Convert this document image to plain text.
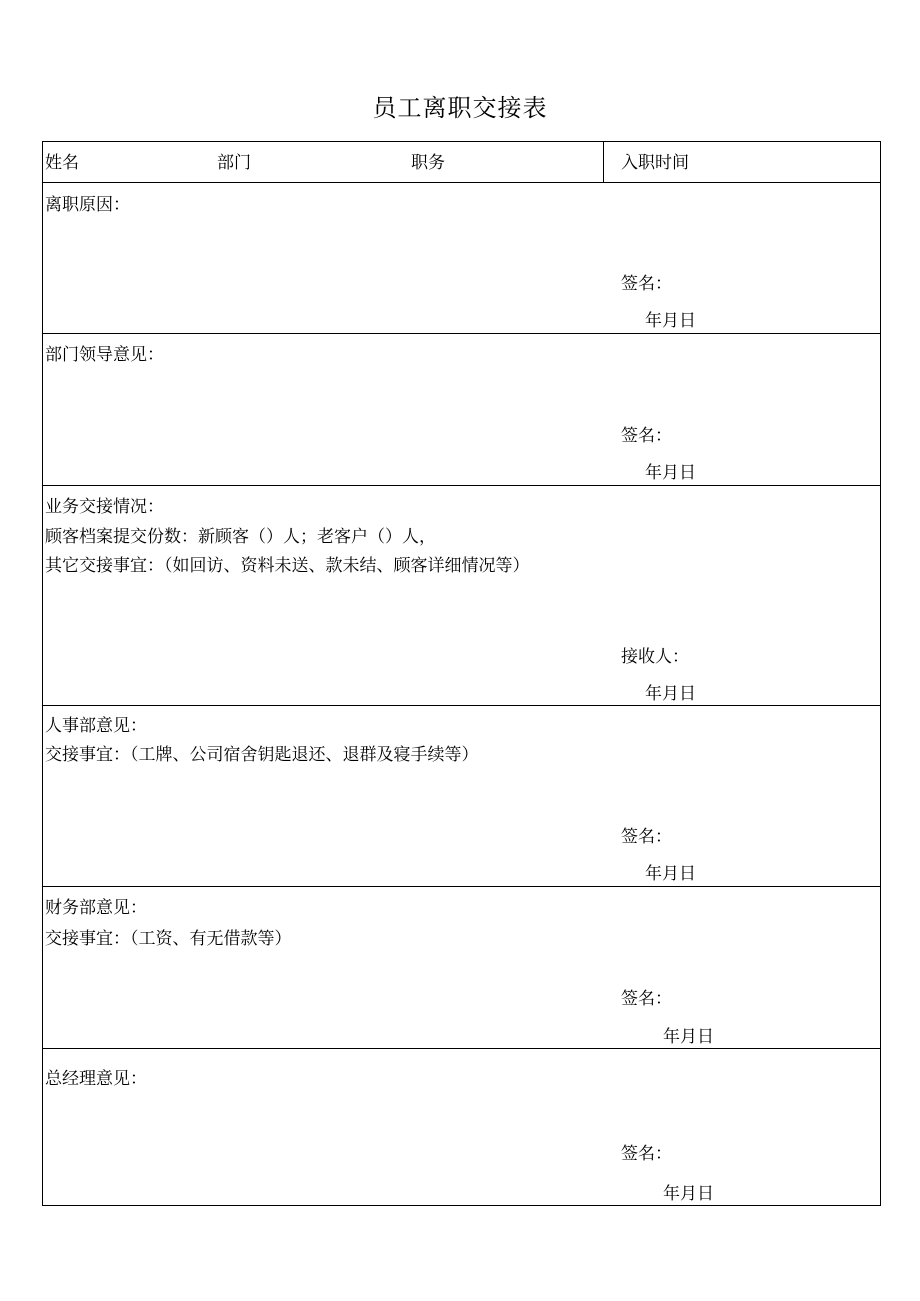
员工离职交接表
姓名	部门	职务	入职时间
离职原因：
签名：
年月日
部门领导意见：
签名：
年月日
业务交接情况：
顾客档案提交份数：新顾客（）人；老客户（）人，
其它交接事宜：（如回访、资料未送、款未结、顾客详细情况等）
接收人：
年月日
人事部意见：
交接事宜：（工牌、公司宿舍钥匙退还、退群及寝手续等）
签名：
年月日
财务部意见：
交接事宜：（工资、有无借款等）
签名：
年月日
总经理意见：
签名：
年月日
